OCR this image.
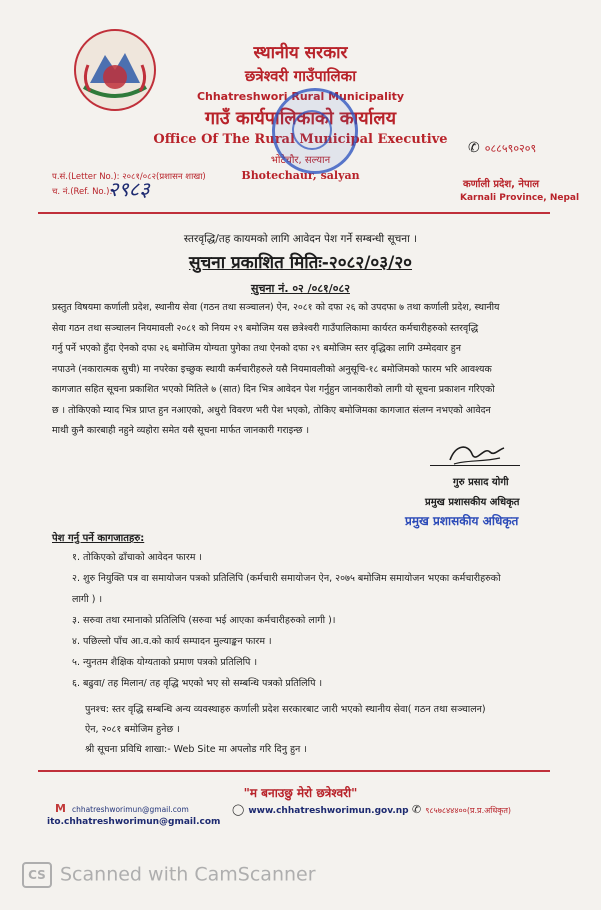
स्थानीय सरकार
छत्रेश्वरी गाउँपालिका
Chhatreshwori Rural Municipality
गाउँ कार्यपालिकाको कार्यालय
Office Of The Rural Municipal Executive
भोटेचौर, सल्यान
Bhotechaur, salyan
✆ ०८८५९०२०९
कर्णाली प्रदेश, नेपाल
Karnali Province, Nepal
प.सं.(Letter No.): २०८१/०८२(प्रशासन शाखा)
च. नं.(Ref. No.):
२९८३
स्तरवृद्धि/तह कायमको लागि आवेदन पेश गर्ने सम्बन्धी सूचना ।
सुचना प्रकाशित मितिः-२०८२/०३/२०
सुचना नं. ०२ /०८१/०८२
प्रस्तुत विषयमा कर्णाली प्रदेश, स्थानीय सेवा (गठन तथा सञ्चालन) ऐन, २०८१ को दफा २६ को उपदफा ७ तथा कर्णाली प्रदेश, स्थानीय
सेवा गठन तथा सञ्चालन नियमावली २०८१ को नियम २९ बमोजिम यस छत्रेश्वरी गाउँपालिकामा कार्यरत कर्मचारीहरुको स्तरवृद्धि
गर्नु पर्ने भएको हुँदा ऐनको दफा २६ बमोजिम योग्यता पुगेका तथा ऐनको दफा २९ बमोजिम स्तर वृद्धिका लागि उम्मेदवार हुन
नपाउने (नकारात्मक सुची) मा नपरेका इच्छुक स्थायी कर्मचारीहरुले यसै नियमावलीको अनुसूचि-१८ बमोजिमको फारम भरि आवश्यक
कागजात सहित सूचना प्रकाशित भएको मितिले ७ (सात) दिन भित्र आवेदन पेश गर्नुहुन जानकारीको लागी यो सूचना प्रकाशन गरिएको
छ । तोकिएको म्याद भित्र प्राप्त हुन नआएको, अधुरो विवरण भरी पेश भएको, तोकिए बमोजिमका कागजात संलग्न नभएको आवेदन
माथी कुनै कारबाही नहुने व्यहोरा समेत यसै सूचना मार्फत जानकारी गराइन्छ ।
गुरु प्रसाद योगी
प्रमुख प्रशासकीय अधिकृत
प्रमुख प्रशासकीय अधिकृत
पेश गर्नु पर्ने कागजातहरु:
१. तोकिएको ढाँचाको आवेदन फारम ।
२. शुरु नियुक्ति पत्र वा समायोजन पत्रको प्रतिलिपि (कर्मचारी समायोजन ऐन, २०७५ बमोजिम समायोजन भएका कर्मचारीहरुको
लागी ) ।
३. सरुवा तथा रमानाको प्रतिलिपि (सरुवा भई आएका कर्मचारीहरुको लागी )।
४. पछिल्लो पाँच आ.व.को कार्य सम्पादन मुल्याङ्कन फारम ।
५. न्युनतम शैक्षिक योग्यताको प्रमाण पत्रको प्रतिलिपि ।
६. बढुवा/ तह मिलान/ तह वृद्धि भएको भए सो सम्बन्धि पत्रको प्रतिलिपि ।
पुनश्च: स्तर वृद्धि सम्बन्धि अन्य व्यवस्थाहरु कर्णाली प्रदेश सरकारबाट जारी भएको स्थानीय सेवा( गठन तथा सञ्चालन)
ऐन, २०८१ बमोजिम हुनेछ ।
श्री सूचना प्रविधि शाखा:- Web Site मा अपलोड गरि दिनु हुन ।
"म बनाउछु मेरो छत्रेश्वरी"
M chhatreshworimun@gmail.com
ito.chhatreshworimun@gmail.com
◯ www.chhatreshworimun.gov.np ✆ ९८५७८४४४००(प्र.प्र.अधिकृत)
CS Scanned with CamScanner
